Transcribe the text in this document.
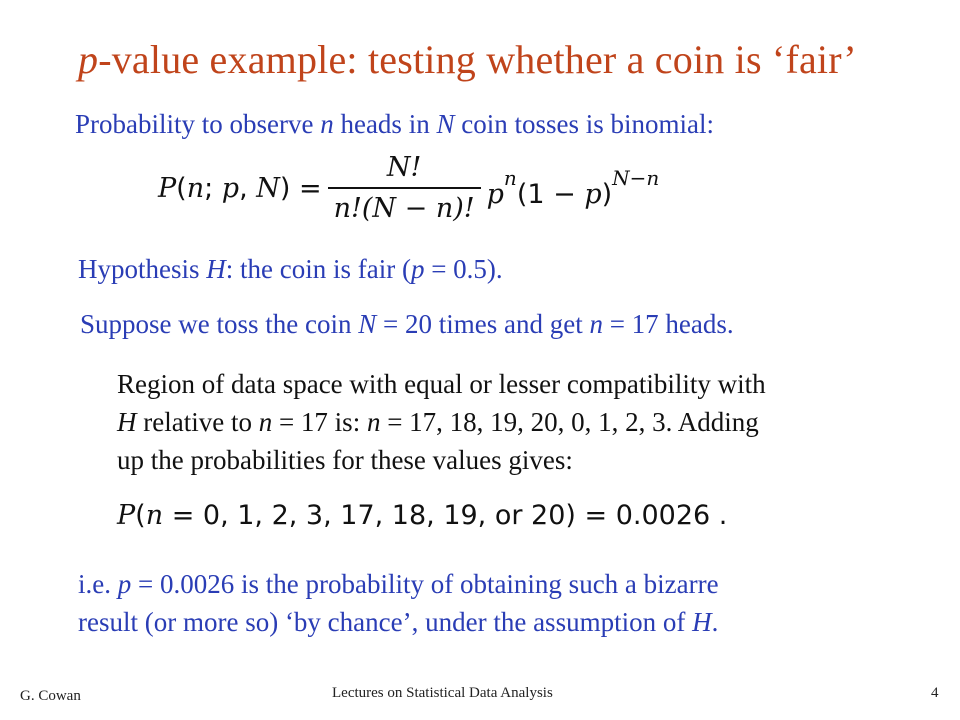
p-value example: testing whether a coin is ‘fair’
Probability to observe n heads in N coin tosses is binomial:
P(n; p, $N) = \frac{N!}{n!(N - n)!} p^n(1 - p)^{N-n}$
Hypothesis H: the coin is fair (p = 0.5).
Suppose we toss the coin N = 20 times and get n = 17 heads.
Region of data space with equal or lesser compatibility with
H relative to n = 17 is: n = 17, 18, 19, 20, 0, 1, 2, 3. Adding
up the probabilities for these values gives:
P(n = 0, 1, 2, 3, 17, 18, 19, or 20) = 0.0026 .
i.e. p = 0.0026 is the probability of obtaining such a bizarre
result (or more so) ‘by chance’, under the assumption of H.
G. Cowan	Lectures on Statistical Data Analysis	4
